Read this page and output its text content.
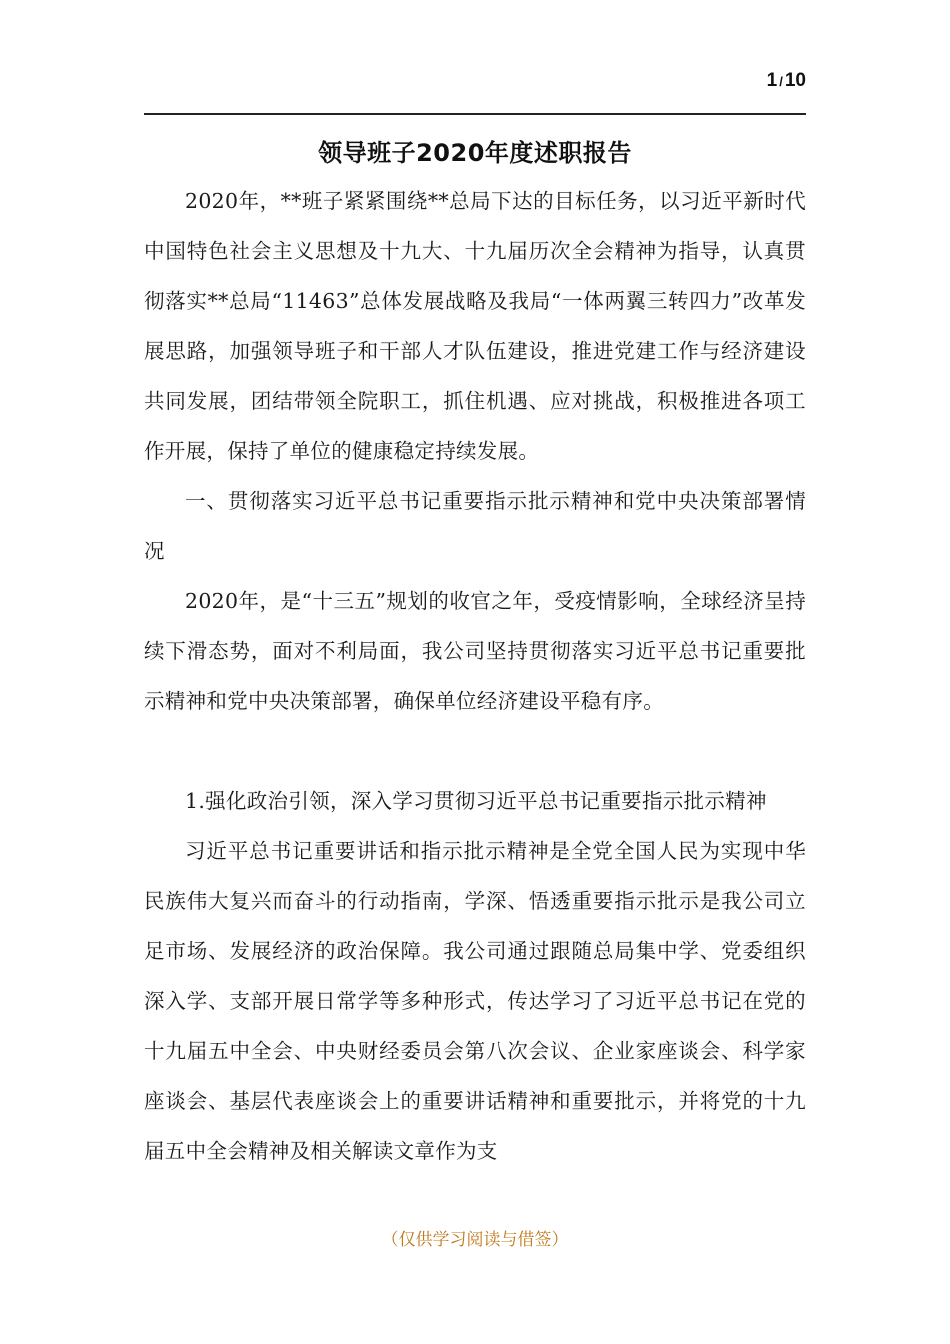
1 / 10
领导班子2020年度述职报告

2020年，**班子紧紧围绕**总局下达的目标任务，以习近平新时代中国特色社会主义思想及十九大、十九届历次全会精神为指导，认真贯彻落实**总局“11463”总体发展战略及我局“一体两翼三转四力”改革发展思路，加强领导班子和干部人才队伍建设，推进党建工作与经济建设共同发展，团结带领全院职工，抓住机遇、应对挑战，积极推进各项工作开展，保持了单位的健康稳定持续发展。

一、贯彻落实习近平总书记重要指示批示精神和党中央决策部署情况

2020年，是“十三五”规划的收官之年，受疫情影响，全球经济呈持续下滑态势，面对不利局面，我公司坚持贯彻落实习近平总书记重要批示精神和党中央决策部署，确保单位经济建设平稳有序。

1.强化政治引领，深入学习贯彻习近平总书记重要指示批示精神

习近平总书记重要讲话和指示批示精神是全党全国人民为实现中华民族伟大复兴而奋斗的行动指南，学深、悟透重要指示批示是我公司立足市场、发展经济的政治保障。我公司通过跟随总局集中学、党委组织深入学、支部开展日常学等多种形式，传达学习了习近平总书记在党的十九届五中全会、中央财经委员会第八次会议、企业家座谈会、科学家座谈会、基层代表座谈会上的重要讲话精神和重要批示，并将党的十九届五中全会精神及相关解读文章作为支

（仅供学习阅读与借签）
